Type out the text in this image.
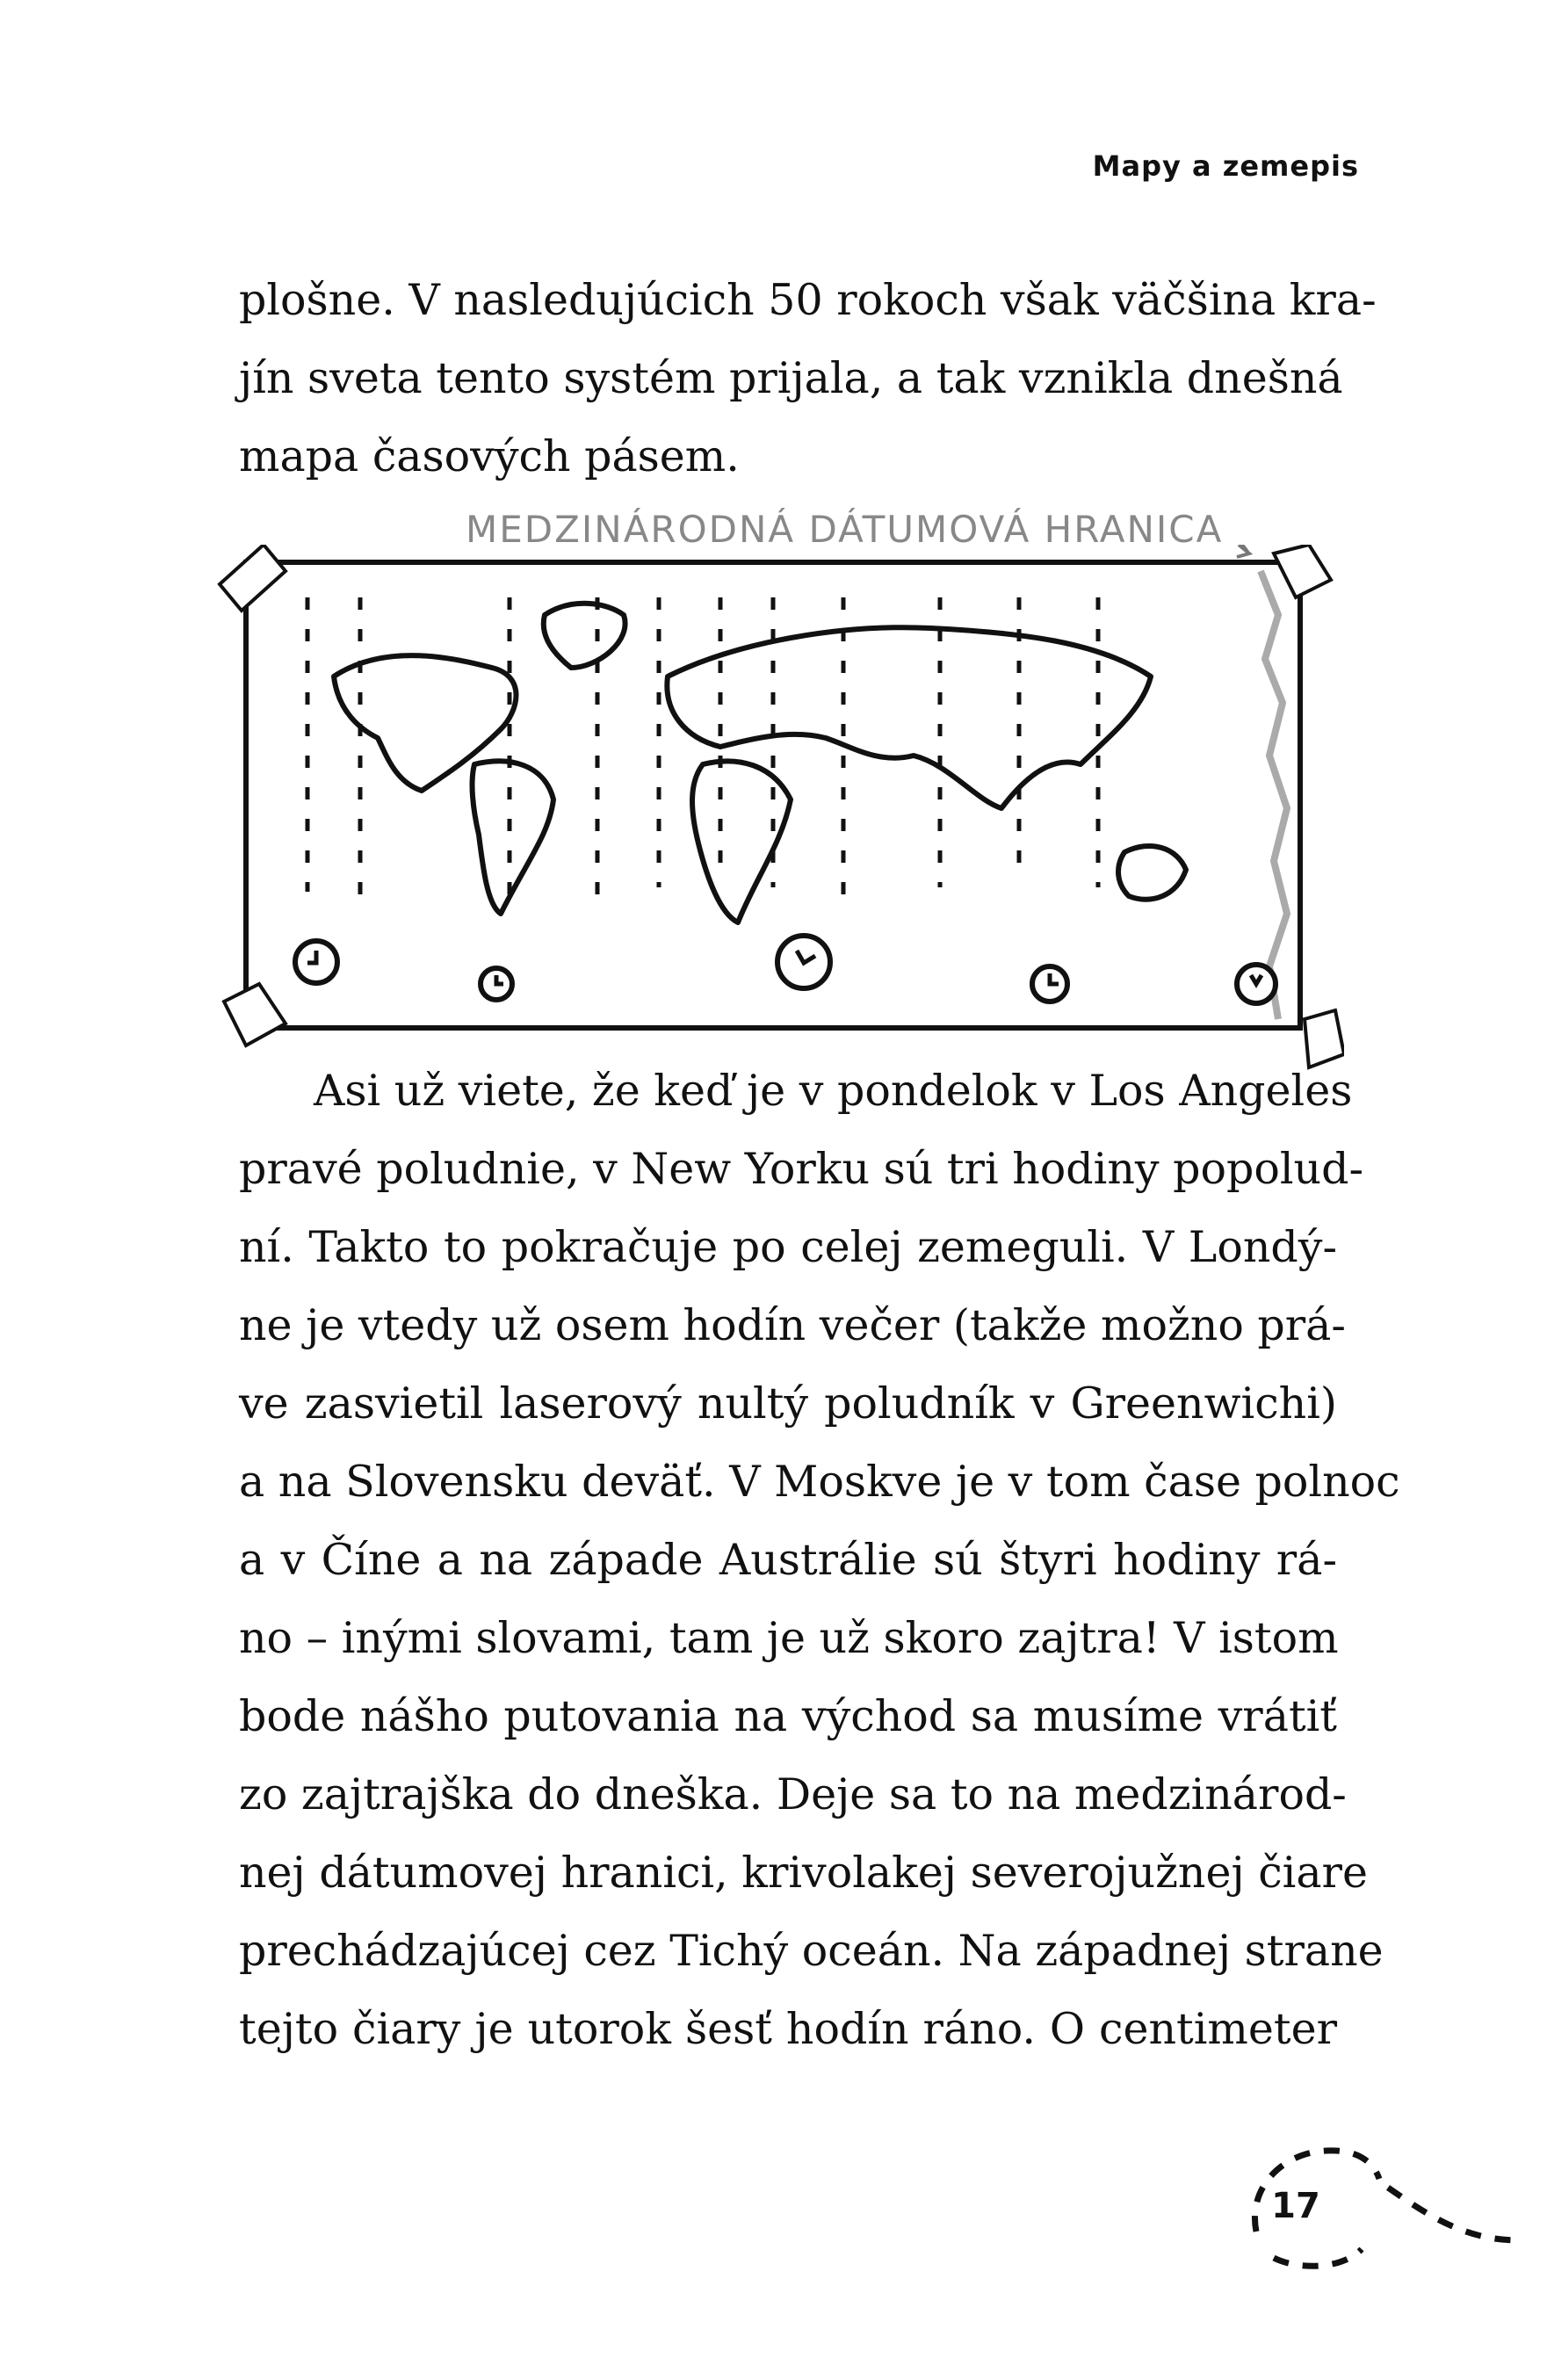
Mapy a zemepis

plošne. V nasledujúcich 50 rokoch však väčšina kra-
jín sveta tento systém prijala, a tak vznikla dnešná
mapa časových pásem.

MEDZINÁRODNÁ DÁTUMOVÁ HRANICA

Asi už viete, že keď je v pondelok v Los Angeles
pravé poludnie, v New Yorku sú tri hodiny popolud-
ní. Takto to pokračuje po celej zemeguli. V Londý-
ne je vtedy už osem hodín večer (takže možno prá-
ve zasvietil laserový nultý poludník v Greenwichi)
a na Slovensku deväť. V Moskve je v tom čase polnoc
a v Číne a na západe Austrálie sú štyri hodiny rá-
no – inými slovami, tam je už skoro zajtra! V istom
bode nášho putovania na východ sa musíme vrátiť
zo zajtrajška do dneška. Deje sa to na medzinárod-
nej dátumovej hranici, krivolakej severojužnej čiare
prechádzajúcej cez Tichý oceán. Na západnej strane
tejto čiary je utorok šesť hodín ráno. O centimeter

17
